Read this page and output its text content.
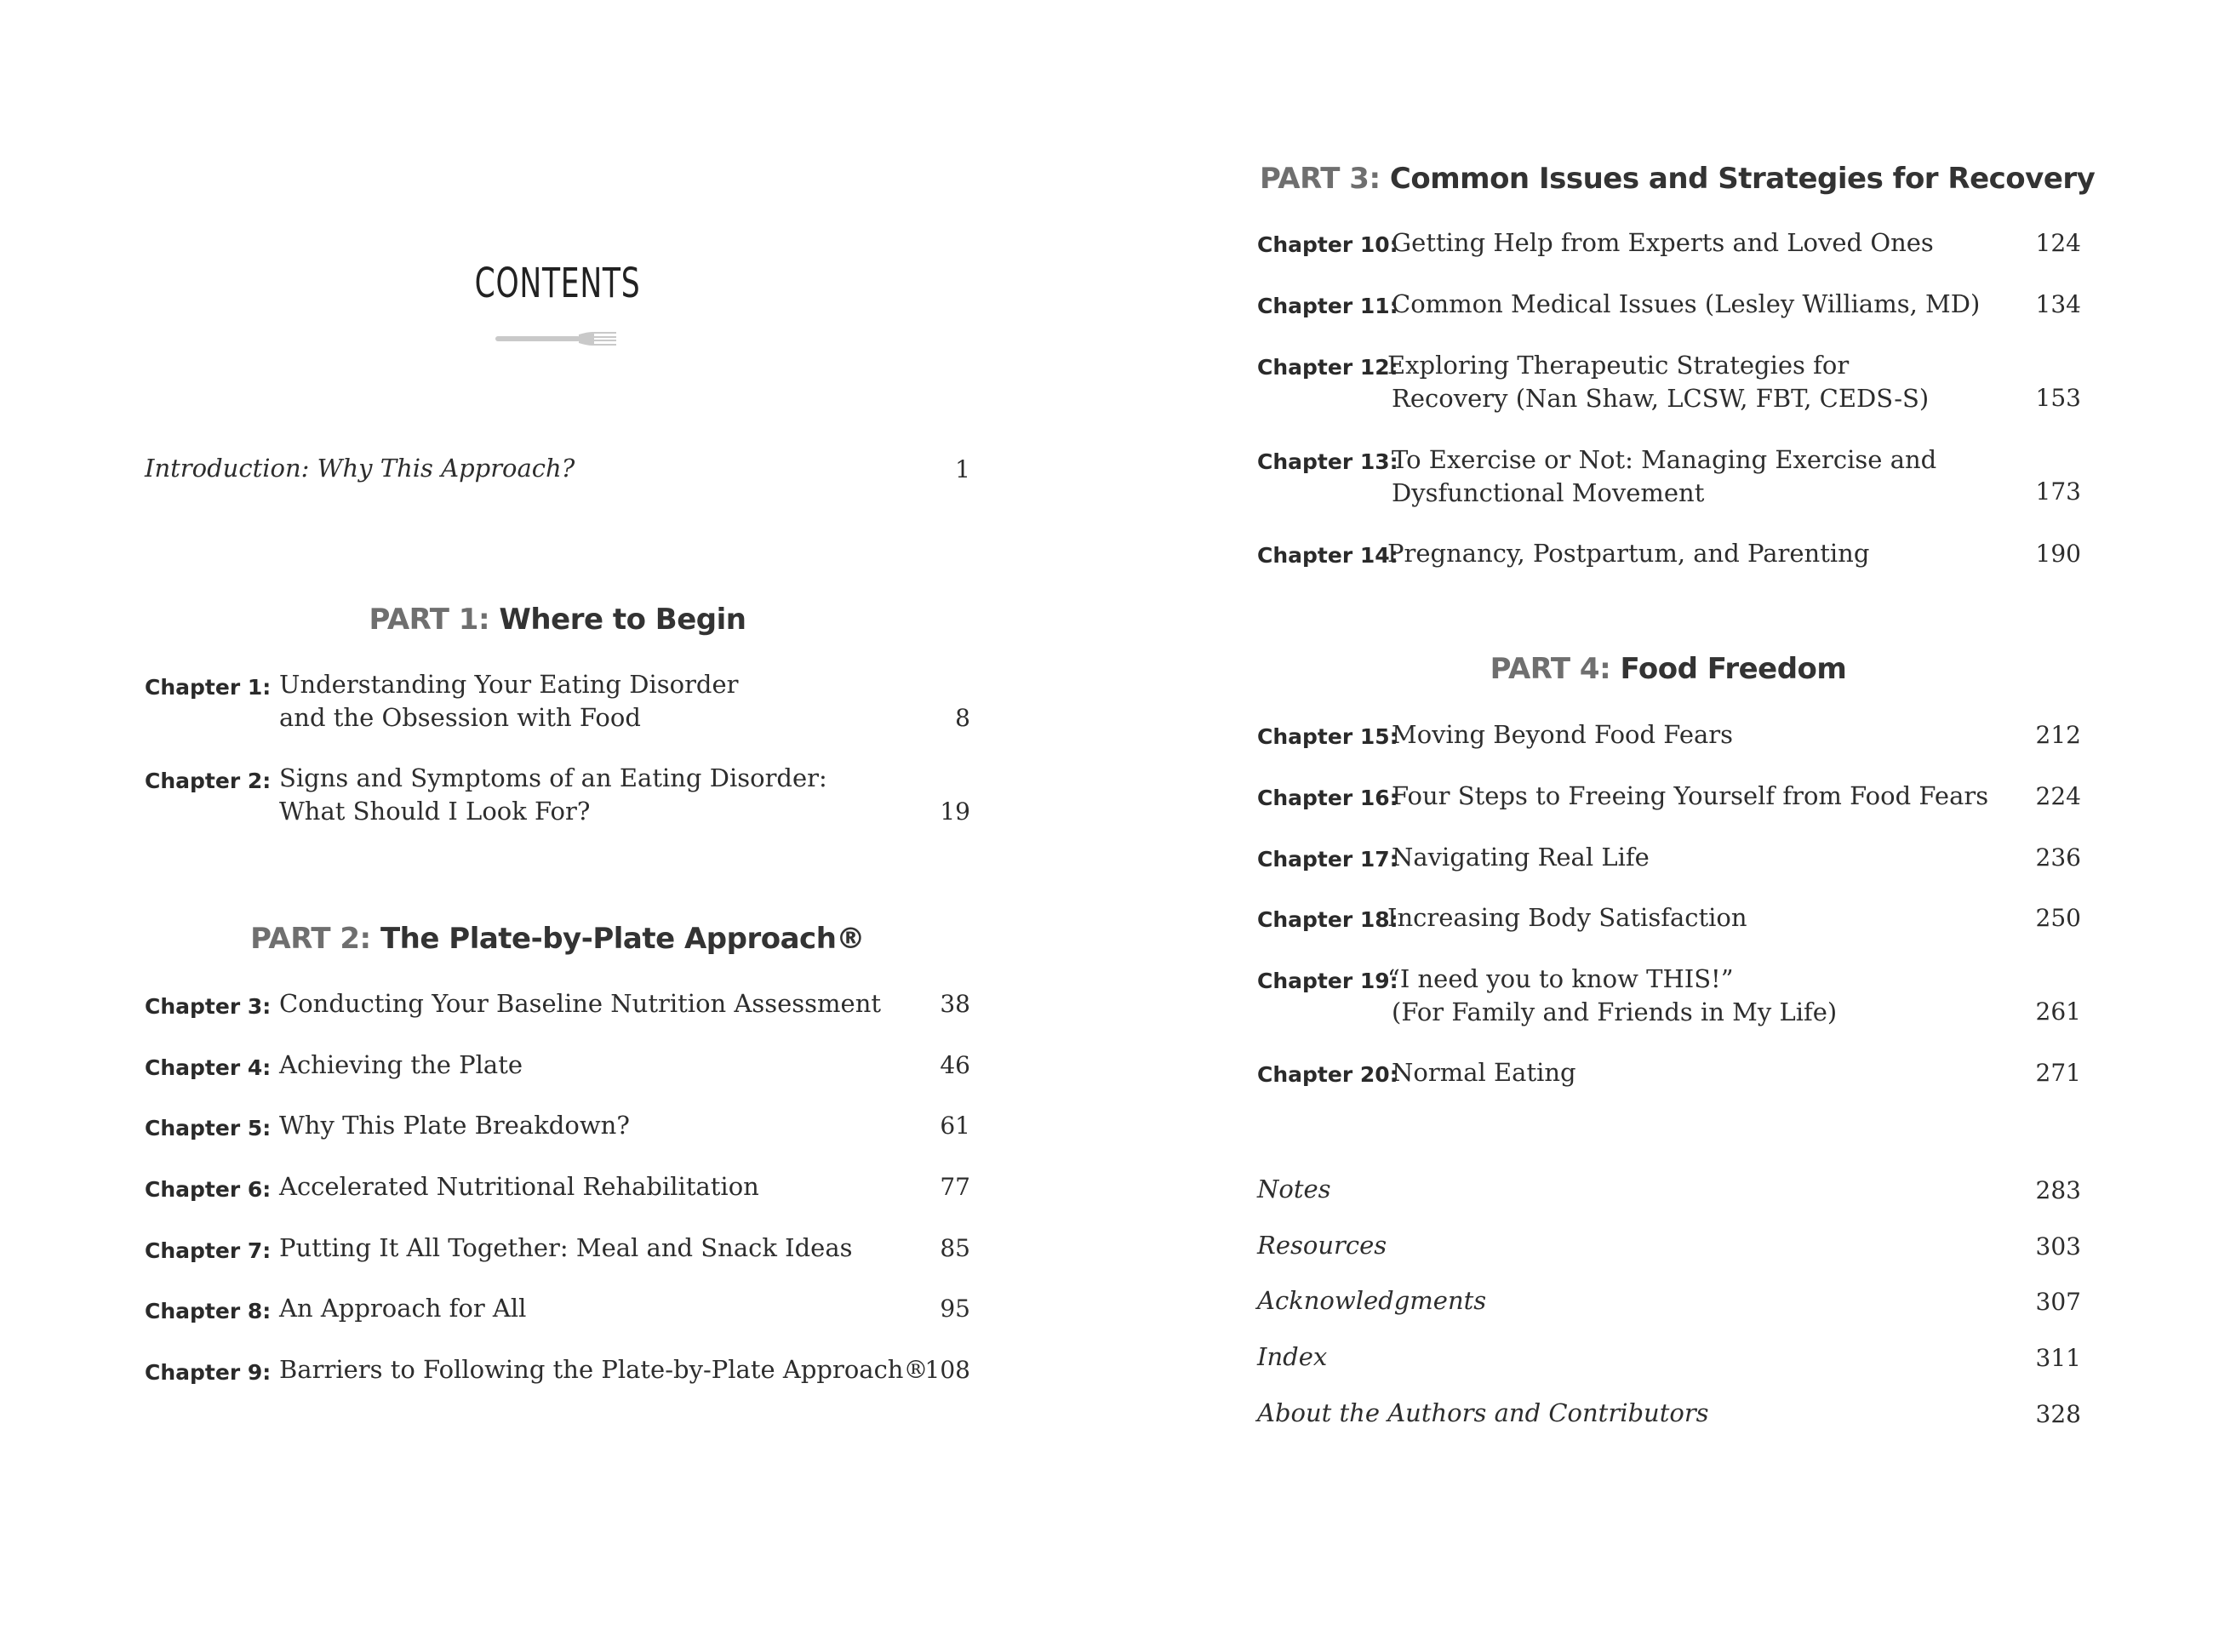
CONTENTS
Introduction: Why This Approach?	1
PART 1: Where to Begin
Chapter 1: Understanding Your Eating Disorder
and the Obsession with Food	8
Chapter 2: Signs and Symptoms of an Eating Disorder:
What Should I Look For?	19
PART 2: The Plate-by-Plate Approach®
Chapter 3: Conducting Your Baseline Nutrition Assessment	38
Chapter 4: Achieving the Plate	46
Chapter 5: Why This Plate Breakdown?	61
Chapter 6: Accelerated Nutritional Rehabilitation	77
Chapter 7: Putting It All Together: Meal and Snack Ideas	85
Chapter 8: An Approach for All	95
Chapter 9: Barriers to Following the Plate-by-Plate Approach®
108
PART 3: Common Issues and Strategies for Recovery
Chapter 10:
Getting Help from Experts and Loved Ones	124
Chapter 11:
Common Medical Issues (Lesley Williams, MD)	134
Chapter 12:
Exploring Therapeutic Strategies for
Recovery (Nan Shaw, LCSW, FBT, CEDS-S)	153
Chapter 13:
To Exercise or Not: Managing Exercise and
Dysfunctional Movement	173
Chapter 14:
Pregnancy, Postpartum, and Parenting	190
PART 4: Food Freedom
Chapter 15:
Moving Beyond Food Fears	212
Chapter 16:
Four Steps to Freeing Yourself from Food Fears	224
Chapter 17:
Navigating Real Life	236
Chapter 18:
Increasing Body Satisfaction	250
Chapter 19:
“I need you to know THIS!”
(For Family and Friends in My Life)	261
Chapter 20:
Normal Eating	271
Notes	283
Resources	303
Acknowledgments	307
Index	311
About the Authors and Contributors	328
